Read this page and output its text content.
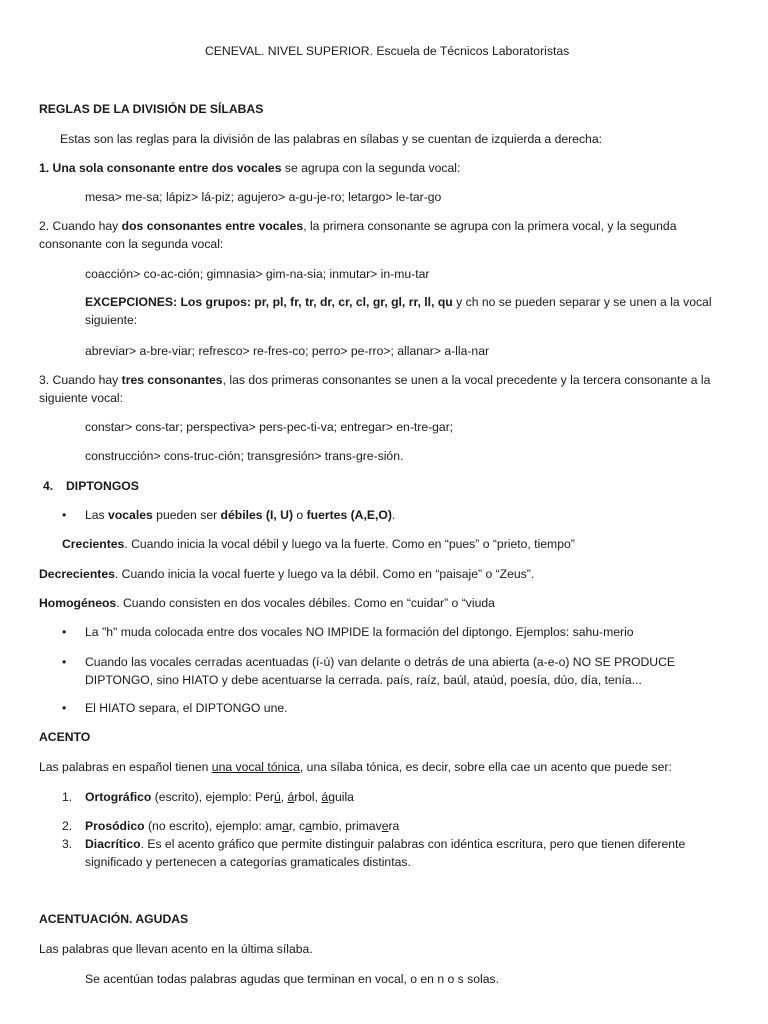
CENEVAL. NIVEL SUPERIOR. Escuela de Técnicos Laboratoristas
REGLAS DE LA DIVISIÓN DE SÍLABAS
Estas son las reglas para la división de las palabras en sílabas y se cuentan de izquierda a derecha:
1. Una sola consonante entre dos vocales se agrupa con la segunda vocal:
mesa> me-sa; lápiz> lá-piz; agujero> a-gu-je-ro; letargo> le-tar-go
2. Cuando hay dos consonantes entre vocales, la primera consonante se agrupa con la primera vocal, y la segunda consonante con la segunda vocal:
coacción> co-ac-ción; gimnasia> gim-na-sia; inmutar> in-mu-tar
EXCEPCIONES: Los grupos: pr, pl, fr, tr, dr, cr, cl, gr, gl, rr, ll, qu y ch no se pueden separar y se unen a la vocal siguiente:
abreviar> a-bre-viar; refresco> re-fres-co; perro> pe-rro>; allanar> a-lla-nar
3. Cuando hay tres consonantes, las dos primeras consonantes se unen a la vocal precedente y la tercera consonante a la siguiente vocal:
constar> cons-tar; perspectiva> pers-pec-ti-va; entregar> en-tre-gar;
construcción> cons-truc-ción; transgresión> trans-gre-sión.
4. DIPTONGOS
• Las vocales pueden ser débiles (I, U) o fuertes (A,E,O).
Crecientes. Cuando inicia la vocal débil y luego va la fuerte. Como en “pues” o “prieto, tiempo”
Decrecientes. Cuando inicia la vocal fuerte y luego va la débil. Como en “paisaje” o “Zeus”.
Homogéneos. Cuando consisten en dos vocales débiles. Como en “cuidar” o “viuda
• La "h" muda colocada entre dos vocales NO IMPIDE la formación del diptongo. Ejemplos: sahu-merio
• Cuando las vocales cerradas acentuadas (í-ú) van delante o detrás de una abierta (a-e-o) NO SE PRODUCE DIPTONGO, sino HIATO y debe acentuarse la cerrada. país, raíz, baúl, ataúd, poesía, dúo, día, tenía...
• El HIATO separa, el DIPTONGO une.
ACENTO
Las palabras en español tienen una vocal tónica, una sílaba tónica, es decir, sobre ella cae un acento que puede ser:
1. Ortográfico (escrito), ejemplo: Perú, árbol, águila
2. Prosódico (no escrito), ejemplo: amar, cambio, primavera
3. Diacrítico. Es el acento gráfico que permite distinguir palabras con idéntica escritura, pero que tienen diferente significado y pertenecen a categorías gramaticales distintas.
ACENTUACIÓN. AGUDAS
Las palabras que llevan acento en la última sílaba.
Se acentúan todas palabras agudas que terminan en vocal, o en n o s solas.
